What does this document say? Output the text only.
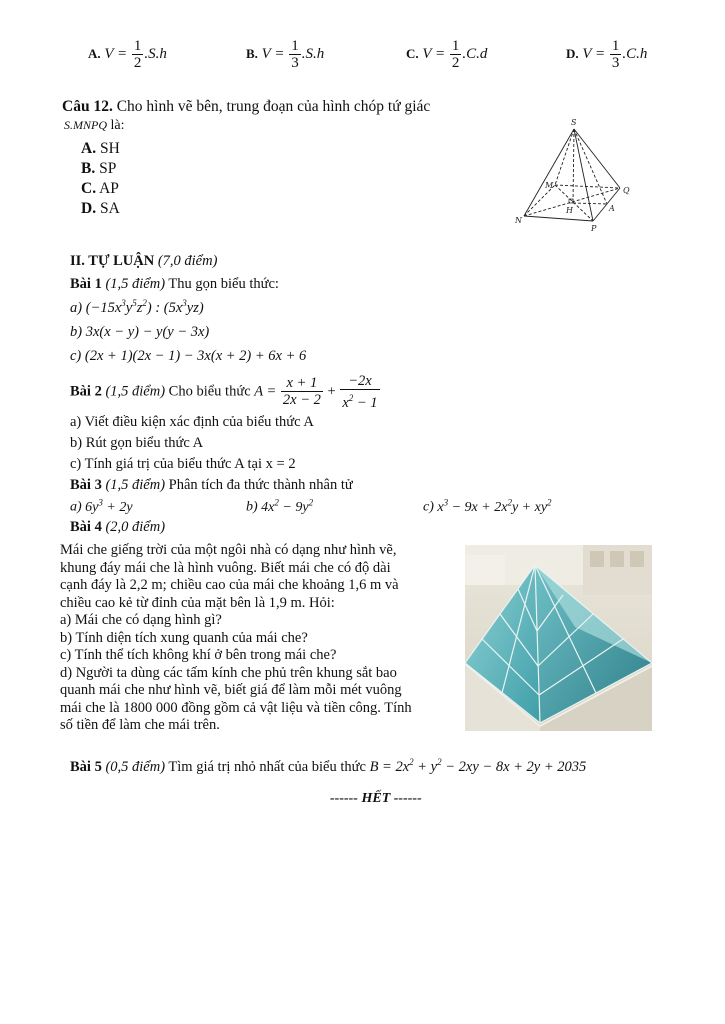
A. $V = \frac{1}{2} .S.h$	B. $V = \frac{1}{3} .S.h$	C. $V = \frac{1}{2} .C.d$	D. $V = \frac{1}{3} .C.h$
Câu 12. Cho hình vẽ bên, trung đoạn của hình chóp tứ giác
S.MNPQ là:
A. SH
B. SP
C. AP
D. SA
S
M
Q
H	A
N
P
II. TỰ LUẬN (7,0 điểm)
Bài 1 (1,5 điểm) Thu gọn biểu thức:
a) $(-15x^3y^5z^2)$ : $(5x^3yz)$
b) 3x(x − y) − y(y − 3x)
c) (2x + 1)(2x − 1) − 3x(x + 2) + 6x + 6
Bài 2 (1,5 điểm) Cho biểu thức $A = \frac{x + 1}{2x - 2} + \frac{-2x}{x^2 - 1}$
a) Viết điều kiện xác định của biểu thức A
b) Rút gọn biểu thức A
c) Tính giá trị của biểu thức A tại x = 2
Bài 3 (1,5 điểm) Phân tích đa thức thành nhân tử
a) $6y^3 + 2y$	b) $4x^2 - 9y^2$	c) $x^3 - 9x + 2x^2y + xy^2$
Bài 4 (2,0 điểm)
Mái che giếng trời của một ngôi nhà có dạng như hình vẽ,
khung đáy mái che là hình vuông. Biết mái che có độ dài
cạnh đáy là 2,2 m; chiều cao của mái che khoảng 1,6 m và
chiều cao kẻ từ đỉnh của mặt bên là 1,9 m. Hỏi:
a) Mái che có dạng hình gì?
b) Tính diện tích xung quanh của mái che?
c) Tính thể tích không khí ở bên trong mái che?
d) Người ta dùng các tấm kính che phủ trên khung sắt bao
quanh mái che như hình vẽ, biết giá để làm mỗi mét vuông
mái che là 1800 000 đồng gồm cả vật liệu và tiền công. Tính
số tiền để làm che mái trên.
Bài 5 (0,5 điểm) Tìm giá trị nhỏ nhất của biểu thức $B = 2x^2 + y^2 - 2xy - 8x + 2y + 2035$
------ HẾT ------
